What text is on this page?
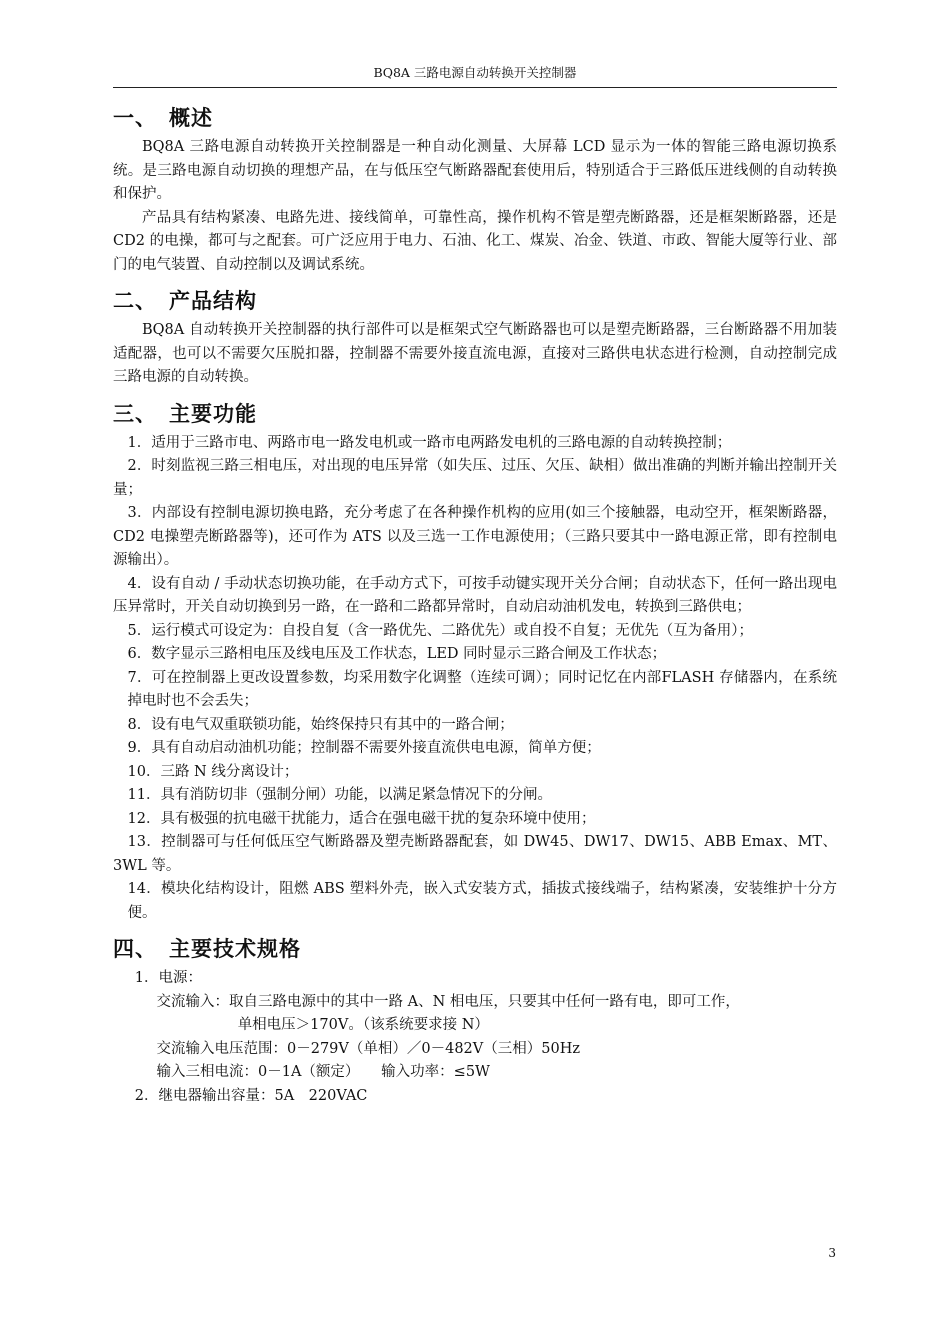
BQ8A 三路电源自动转换开关控制器
一、 概述

BQ8A 三路电源自动转换开关控制器是一种自动化测量、大屏幕 LCD 显示为一体的智能三路电源切换系统。是三路电源自动切换的理想产品，在与低压空气断路器配套使用后，特别适合于三路低压进线侧的自动转换和保护。

产品具有结构紧凑、电路先进、接线简单，可靠性高，操作机构不管是塑壳断路器，还是框架断路器，还是 CD2 的电操，都可与之配套。可广泛应用于电力、石油、化工、煤炭、冶金、铁道、市政、智能大厦等行业、部门的电气装置、自动控制以及调试系统。

二、 产品结构

BQ8A 自动转换开关控制器的执行部件可以是框架式空气断路器也可以是塑壳断路器，三台断路器不用加装适配器，也可以不需要欠压脱扣器，控制器不需要外接直流电源，直接对三路供电状态进行检测，自动控制完成三路电源的自动转换。

三、 主要功能

1．适用于三路市电、两路市电一路发电机或一路市电两路发电机的三路电源的自动转换控制；

2．时刻监视三路三相电压，对出现的电压异常（如失压、过压、欠压、缺相）做出准确的判断并输出控制开关量；

3．内部设有控制电源切换电路，充分考虑了在各种操作机构的应用(如三个接触器，电动空开，框架断路器，CD2 电操塑壳断路器等)，还可作为 ATS 以及三选一工作电源使用；（三路只要其中一路电源正常，即有控制电源输出）。

4．设有自动 / 手动状态切换功能，在手动方式下，可按手动键实现开关分合闸；自动状态下，任何一路出现电压异常时，开关自动切换到另一路，在一路和二路都异常时，自动启动油机发电，转换到三路供电；

5．运行模式可设定为：自投自复（含一路优先、二路优先）或自投不自复；无优先（互为备用）；

6．数字显示三路相电压及线电压及工作状态，LED 同时显示三路合闸及工作状态；

7．可在控制器上更改设置参数，均采用数字化调整（连续可调）；同时记忆在内部FLASH 存储器内，在系统掉电时也不会丢失；

8．设有电气双重联锁功能，始终保持只有其中的一路合闸；

9．具有自动启动油机功能；控制器不需要外接直流供电电源，简单方便；

10．三路 N 线分离设计；

11．具有消防切非（强制分闸）功能，以满足紧急情况下的分闸。

12．具有极强的抗电磁干扰能力，适合在强电磁干扰的复杂环境中使用；

13．控制器可与任何低压空气断路器及塑壳断路器配套，如 DW45、DW17、DW15、ABB Emax、MT、3WL 等。

14．模块化结构设计，阻燃 ABS 塑料外壳，嵌入式安装方式，插拔式接线端子，结构紧凑，安装维护十分方便。

四、 主要技术规格

1．电源：

交流输入：取自三路电源中的其中一路 A、N 相电压，只要其中任何一路有电，即可工作，

单相电压＞170V。（该系统要求接 N）

交流输入电压范围：0－279V（单相）／0－482V（三相）50Hz

输入三相电流：0－1A（额定）　　输入功率：≤5W

2．继电器输出容量：5A　220VAC

3
